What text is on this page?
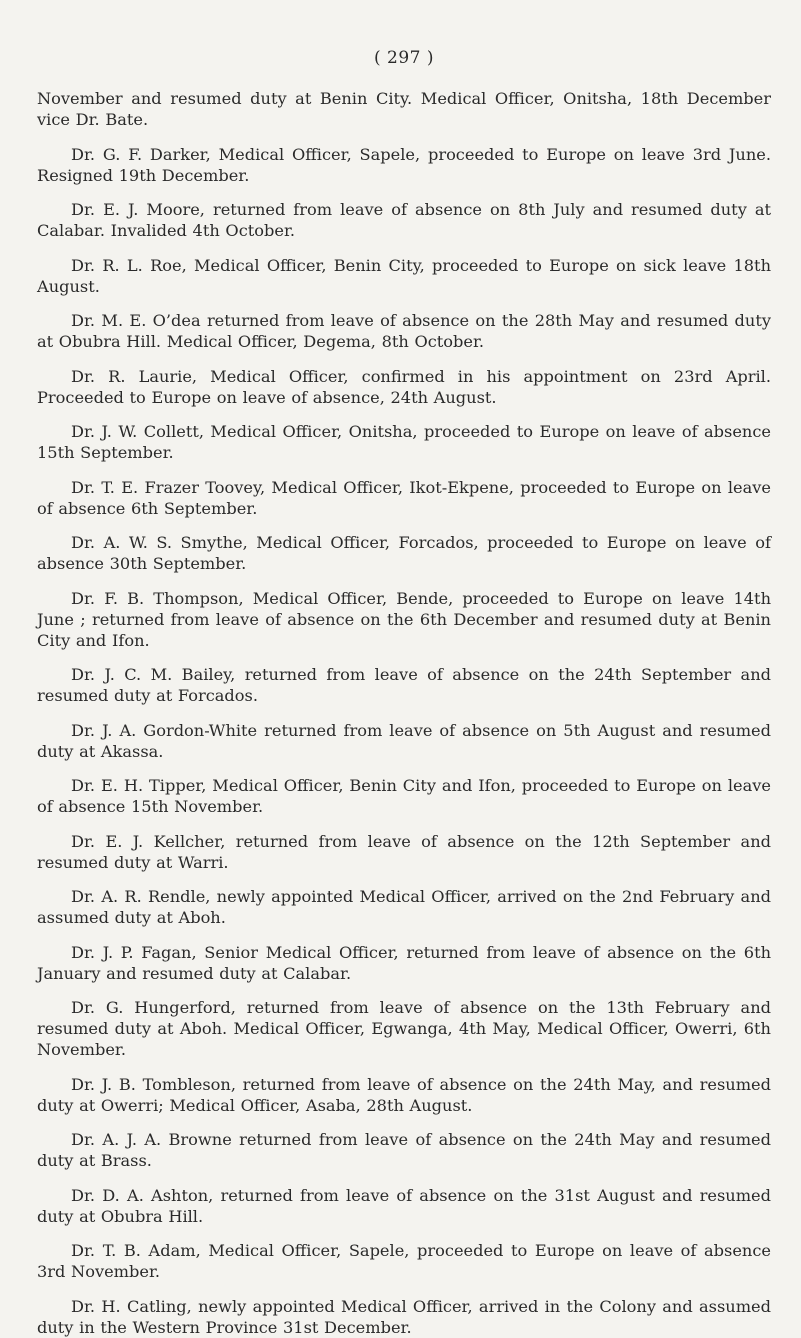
( 297 )

November and resumed duty at Benin City. Medical Officer, Onitsha, 18th December vice Dr. Bate.

Dr. G. F. Darker, Medical Officer, Sapele, proceeded to Europe on leave 3rd June. Resigned 19th December.

Dr. E. J. Moore, returned from leave of absence on 8th July and resumed duty at Calabar. Invalided 4th October.

Dr. R. L. Roe, Medical Officer, Benin City, proceeded to Europe on sick leave 18th August.

Dr. M. E. O’dea returned from leave of absence on the 28th May and resumed duty at Obubra Hill. Medical Officer, Degema, 8th October.

Dr. R. Laurie, Medical Officer, confirmed in his appointment on 23rd April. Proceeded to Europe on leave of absence, 24th August.

Dr. J. W. Collett, Medical Officer, Onitsha, proceeded to Europe on leave of absence 15th September.

Dr. T. E. Frazer Toovey, Medical Officer, Ikot-Ekpene, proceeded to Europe on leave of absence 6th September.

Dr. A. W. S. Smythe, Medical Officer, Forcados, proceeded to Europe on leave of absence 30th September.

Dr. F. B. Thompson, Medical Officer, Bende, proceeded to Europe on leave 14th June ; returned from leave of absence on the 6th December and resumed duty at Benin City and Ifon.

Dr. J. C. M. Bailey, returned from leave of absence on the 24th September and resumed duty at Forcados.

Dr. J. A. Gordon-White returned from leave of absence on 5th August and resumed duty at Akassa.

Dr. E. H. Tipper, Medical Officer, Benin City and Ifon, proceeded to Europe on leave of absence 15th November.

Dr. E. J. Kellcher, returned from leave of absence on the 12th September and resumed duty at Warri.

Dr. A. R. Rendle, newly appointed Medical Officer, arrived on the 2nd February and assumed duty at Aboh.

Dr. J. P. Fagan, Senior Medical Officer, returned from leave of absence on the 6th January and resumed duty at Calabar.

Dr. G. Hungerford, returned from leave of absence on the 13th February and resumed duty at Aboh. Medical Officer, Egwanga, 4th May, Medical Officer, Owerri, 6th November.

Dr. J. B. Tombleson, returned from leave of absence on the 24th May, and resumed duty at Owerri; Medical Officer, Asaba, 28th August.

Dr. A. J. A. Browne returned from leave of absence on the 24th May and resumed duty at Brass.

Dr. D. A. Ashton, returned from leave of absence on the 31st August and resumed duty at Obubra Hill.

Dr. T. B. Adam, Medical Officer, Sapele, proceeded to Europe on leave of absence 3rd November.

Dr. H. Catling, newly appointed Medical Officer, arrived in the Colony and assumed duty in the Western Province 31st December.
